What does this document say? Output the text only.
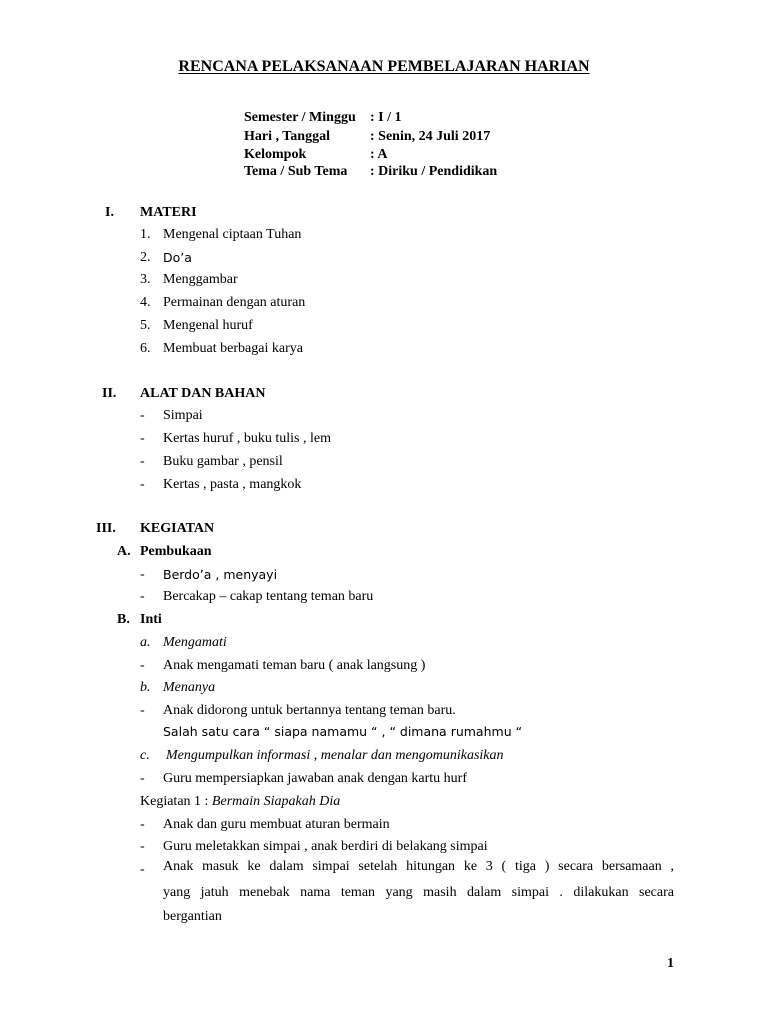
RENCANA PELAKSANAAN PEMBELAJARAN HARIAN
Semester / Minggu : I / 1
Hari , Tanggal	: Senin, 24 Juli 2017
Kelompok	: A
Tema / Sub Tema : Diriku / Pendidikan
I. MATERI
1. Mengenal ciptaan Tuhan
2. Do’a
3. Menggambar
4. Permainan dengan aturan
5. Mengenal huruf
6. Membuat berbagai karya
II. ALAT DAN BAHAN
- Simpai
- Kertas huruf , buku tulis , lem
- Buku gambar , pensil
- Kertas , pasta , mangkok
III. KEGIATAN
A. Pembukaan
- Berdo’a , menyayi
- Bercakap – cakap tentang teman baru
B. Inti
a. Mengamati
- Anak mengamati teman baru ( anak langsung )
b. Menanya
- Anak didorong untuk bertannya tentang teman baru.
Salah satu cara “ siapa namamu “ , “ dimana rumahmu “
c. Mengumpulkan informasi , menalar dan mengomunikasikan
- Guru mempersiapkan jawaban anak dengan kartu hurf
Kegiatan 1 : Bermain Siapakah Dia
- Anak dan guru membuat aturan bermain
- Guru meletakkan simpai , anak berdiri di belakang simpai
- Anak masuk ke dalam simpai setelah hitungan ke 3 ( tiga ) secara bersamaan ,
yang jatuh menebak nama teman yang masih dalam simpai . dilakukan secara
bergantian
1
